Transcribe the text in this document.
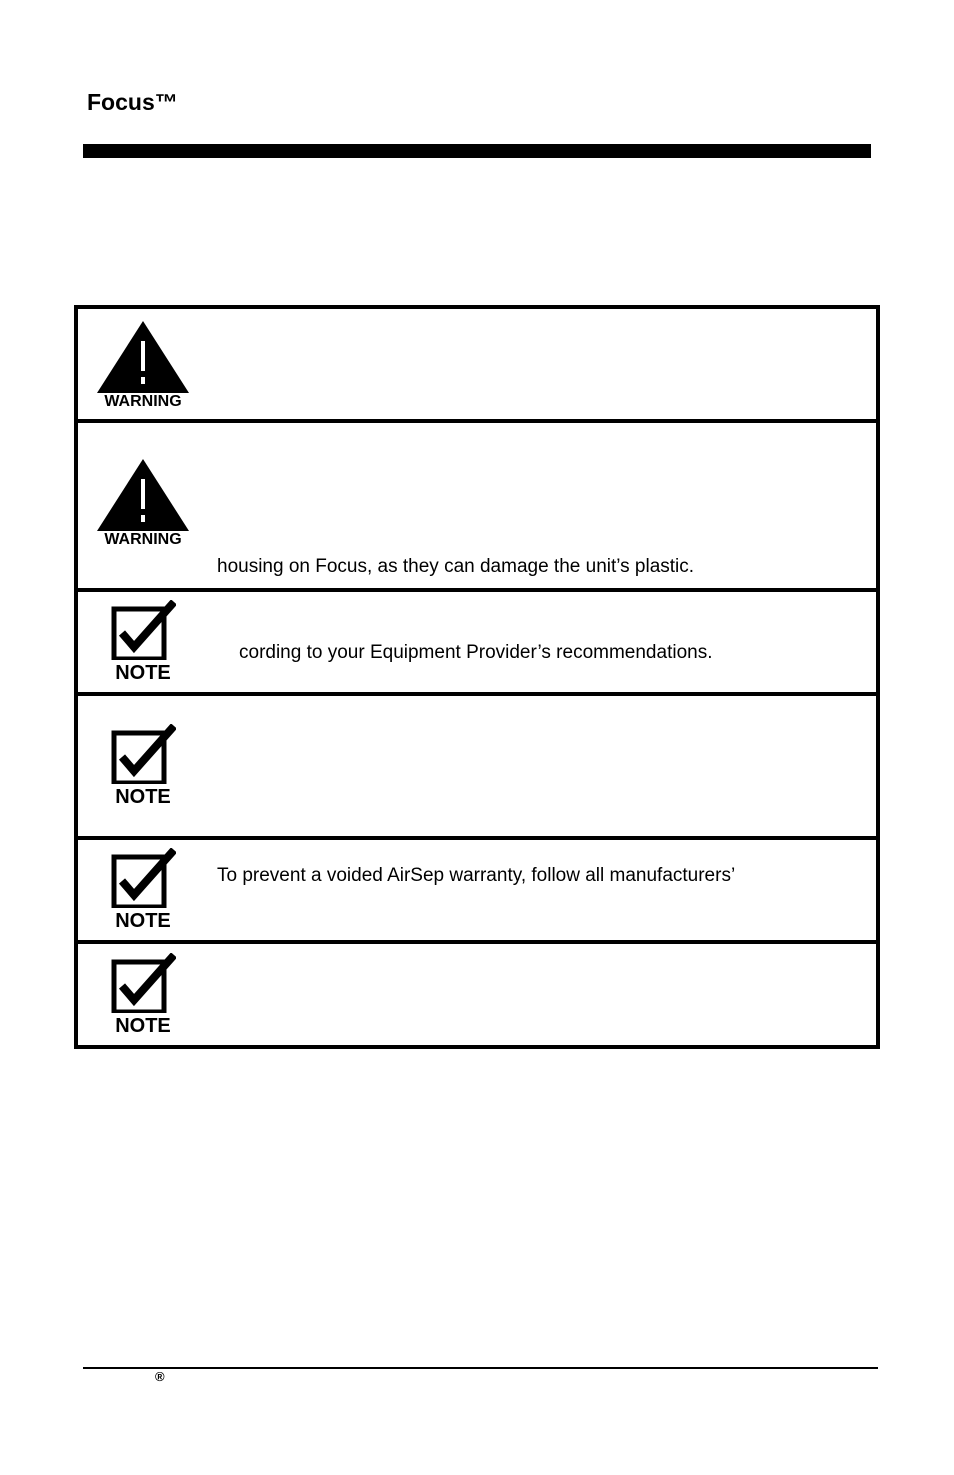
Focus™
WARNING
WARNING
housing on Focus, as they can damage the unit’s plastic.
NOTE
cording to your Equipment Provider’s recommendations.
NOTE
NOTE
To prevent a voided AirSep warranty, follow all manufacturers’
NOTE
®
